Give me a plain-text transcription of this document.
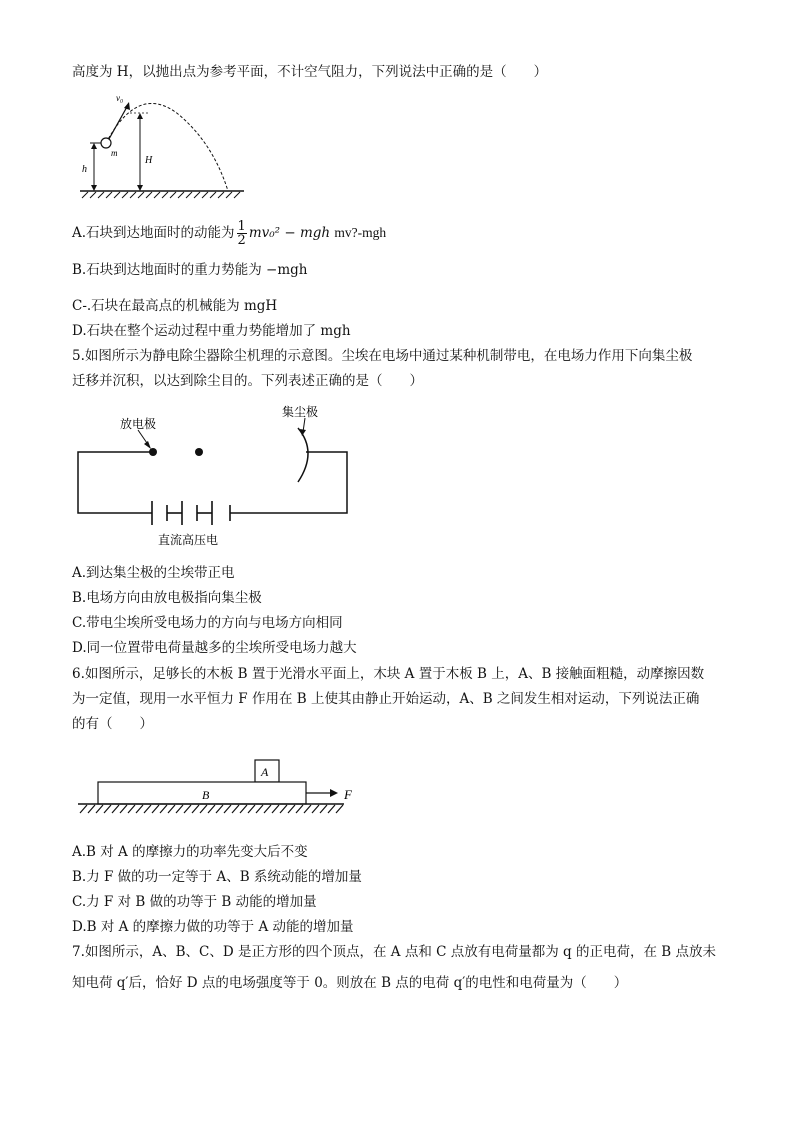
高度为 H，以抛出点为参考平面，不计空气阻力，下列说法中正确的是（　　）
v₀
m
H
h
A.石块到达地面时的动能为 $\frac{1}{2} mv_0^2$ − mgh mv?-mgh
B.石块到达地面时的重力势能为 −mgh
C-.石块在最高点的机械能为 mgH
D.石块在整个运动过程中重力势能增加了 mgh
5.如图所示为静电除尘器除尘机理的示意图。尘埃在电场中通过某种机制带电，在电场力作用下向集尘极
迁移并沉积，以达到除尘目的。下列表述正确的是（　　）
放电极
集尘极
直流高压电
A.到达集尘极的尘埃带正电
B.电场方向由放电极指向集尘极
C.带电尘埃所受电场力的方向与电场方向相同
D.同一位置带电荷量越多的尘埃所受电场力越大
6.如图所示，足够长的木板 B 置于光滑水平面上，木块 A 置于木板 B 上，A、B 接触面粗糙，动摩擦因数
为一定值，现用一水平恒力 F 作用在 B 上使其由静止开始运动，A、B 之间发生相对运动，下列说法正确
的有（　　）
A
B	F
A.B 对 A 的摩擦力的功率先变大后不变
B.力 F 做的功一定等于 A、B 系统动能的增加量
C.力 F 对 B 做的功等于 B 动能的增加量
D.B 对 A 的摩擦力做的功等于 A 动能的增加量
7.如图所示，A、B、C、D 是正方形的四个顶点，在 A 点和 C 点放有电荷量都为 q 的正电荷，在 B 点放未
知电荷 q′后，恰好 D 点的电场强度等于 0。则放在 B 点的电荷 q′的电性和电荷量为（　　）
